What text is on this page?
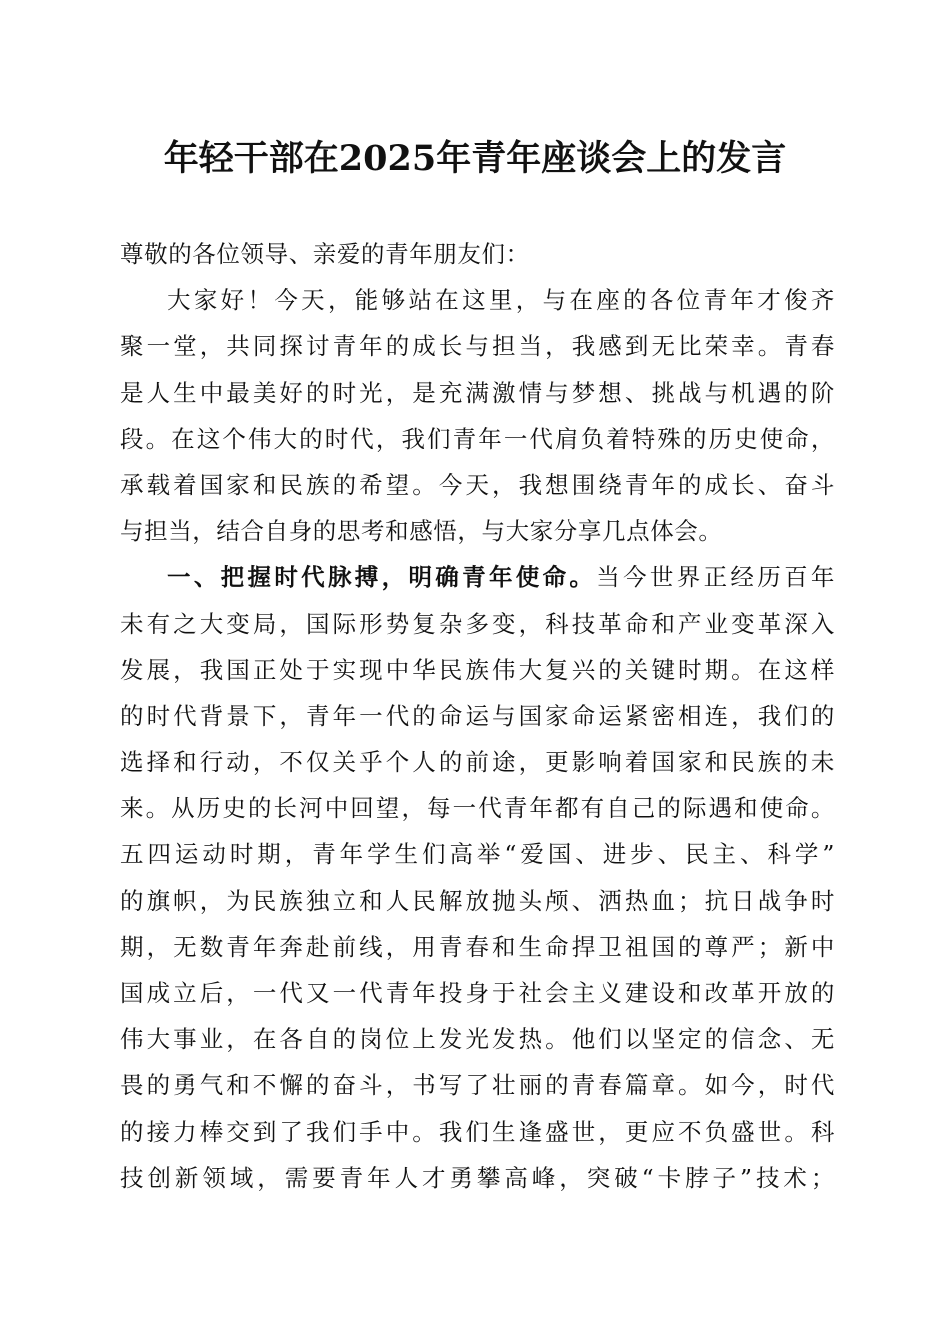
年轻干部在2025年青年座谈会上的发言
尊敬的各位领导、亲爱的青年朋友们：
大家好！今天，能够站在这里，与在座的各位青年才俊齐
聚一堂，共同探讨青年的成长与担当，我感到无比荣幸。青春
是人生中最美好的时光，是充满激情与梦想、挑战与机遇的阶
段。在这个伟大的时代，我们青年一代肩负着特殊的历史使命，
承载着国家和民族的希望。今天，我想围绕青年的成长、奋斗
与担当，结合自身的思考和感悟，与大家分享几点体会。
一、把握时代脉搏，明确青年使命。当今世界正经历百年
未有之大变局，国际形势复杂多变，科技革命和产业变革深入
发展，我国正处于实现中华民族伟大复兴的关键时期。在这样
的时代背景下，青年一代的命运与国家命运紧密相连，我们的
选择和行动，不仅关乎个人的前途，更影响着国家和民族的未
来。从历史的长河中回望，每一代青年都有自己的际遇和使命。
五四运动时期，青年学生们高举“爱国、进步、民主、科学”
的旗帜，为民族独立和人民解放抛头颅、洒热血；抗日战争时
期，无数青年奔赴前线，用青春和生命捍卫祖国的尊严；新中
国成立后，一代又一代青年投身于社会主义建设和改革开放的
伟大事业，在各自的岗位上发光发热。他们以坚定的信念、无
畏的勇气和不懈的奋斗，书写了壮丽的青春篇章。如今，时代
的接力棒交到了我们手中。我们生逢盛世，更应不负盛世。科
技创新领域，需要青年人才勇攀高峰，突破“卡脖子”技术；
